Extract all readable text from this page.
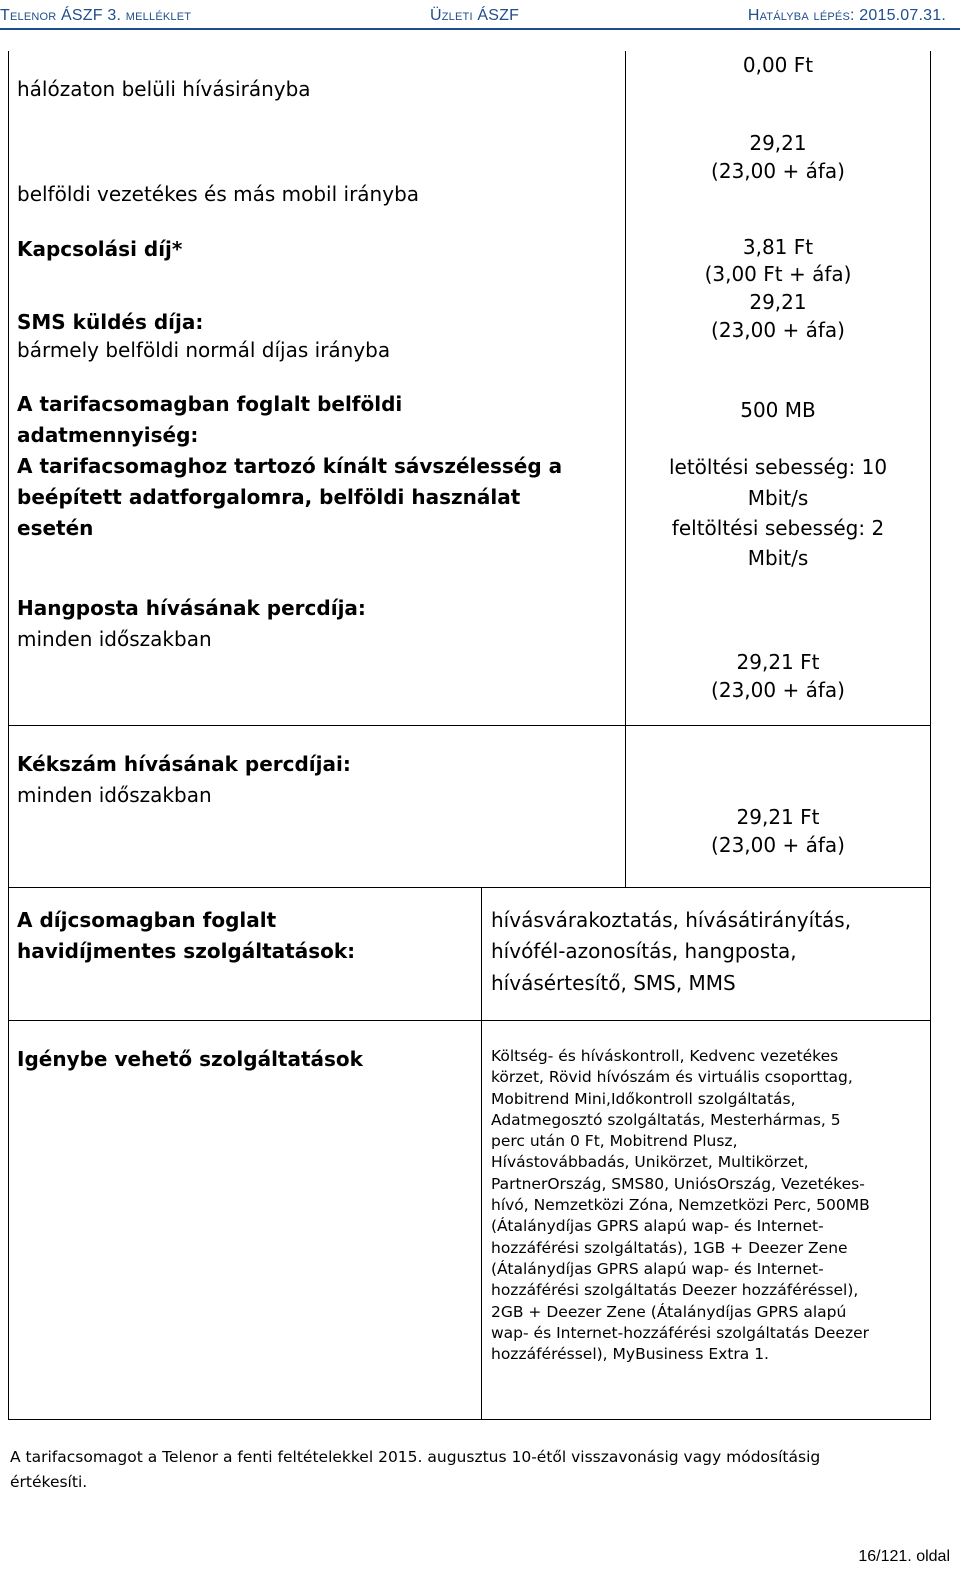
Telenor ÁSZF 3. melléklet	Üzleti ÁSZF	Hatályba lépés: 2015.07.31.
hálózaton belüli hívásirányba
belföldi vezetékes és más mobil irányba
Kapcsolási díj*
SMS küldés díja:
bármely belföldi normál díjas irányba
A tarifacsomagban foglalt belföldi
adatmennyiség:
A tarifacsomaghoz tartozó kínált sávszélesség a
beépített adatforgalomra, belföldi használat
esetén
Hangposta hívásának percdíja:
minden időszakban
Kékszám hívásának percdíjai:
minden időszakban
A díjcsomagban foglalt
havidíjmentes szolgáltatások:
Igénybe vehető szolgáltatások
0,00 Ft
29,21
(23,00 + áfa)
3,81 Ft
(3,00 Ft + áfa)
29,21
(23,00 + áfa)
500 MB
letöltési sebesség: 10
Mbit/s
feltöltési sebesség: 2
Mbit/s
29,21 Ft
(23,00 + áfa)
29,21 Ft
(23,00 + áfa)
hívásvárakoztatás, hívásátirányítás,
hívófél-azonosítás, hangposta,
hívásértesítő, SMS, MMS
Költség- és híváskontroll, Kedvenc vezetékes
körzet, Rövid hívószám és virtuális csoporttag,
Mobitrend Mini,Időkontroll szolgáltatás,
Adatmegosztó szolgáltatás, Mesterhármas, 5
perc után 0 Ft, Mobitrend Plusz,
Hívástovábbadás, Unikörzet, Multikörzet,
PartnerOrszág, SMS80, UniósOrszág, Vezetékes-
hívó, Nemzetközi Zóna, Nemzetközi Perc, 500MB
(Átalánydíjas GPRS alapú wap- és Internet-
hozzáférési szolgáltatás), 1GB + Deezer Zene
(Átalánydíjas GPRS alapú wap- és Internet-
hozzáférési szolgáltatás Deezer hozzáféréssel),
2GB + Deezer Zene (Átalánydíjas GPRS alapú
wap- és Internet-hozzáférési szolgáltatás Deezer
hozzáféréssel), MyBusiness Extra 1.
A tarifacsomagot a Telenor a fenti feltételekkel 2015. augusztus 10-étől visszavonásig vagy módosításig
értékesíti.
16/121. oldal
